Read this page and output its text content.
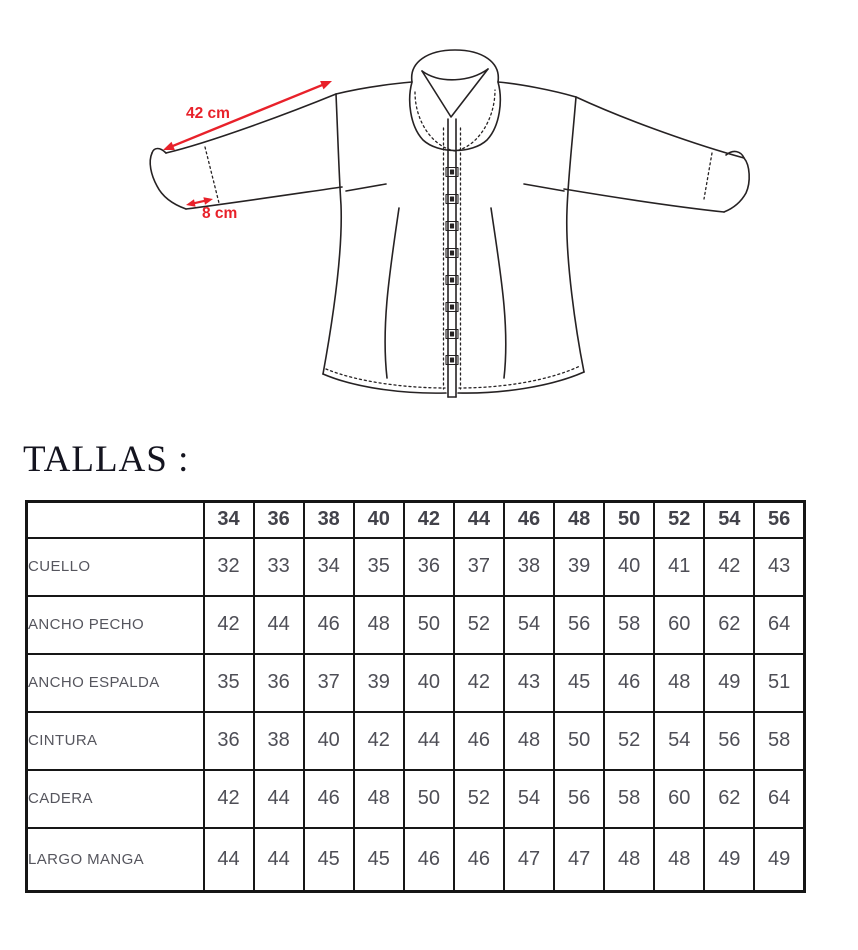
42 cm
8 cm
TALLAS :
	34	36	38	40	42	44	46	48	50	52	54	56
CUELLO	32	33	34	35	36	37	38	39	40	41	42	43
ANCHO PECHO	42	44	46	48	50	52	54	56	58	60	62	64
ANCHO ESPALDA	35	36	37	39	40	42	43	45	46	48	49	51
CINTURA	36	38	40	42	44	46	48	50	52	54	56	58
CADERA	42	44	46	48	50	52	54	56	58	60	62	64
LARGO MANGA	44	44	45	45	46	46	47	47	48	48	49	49
